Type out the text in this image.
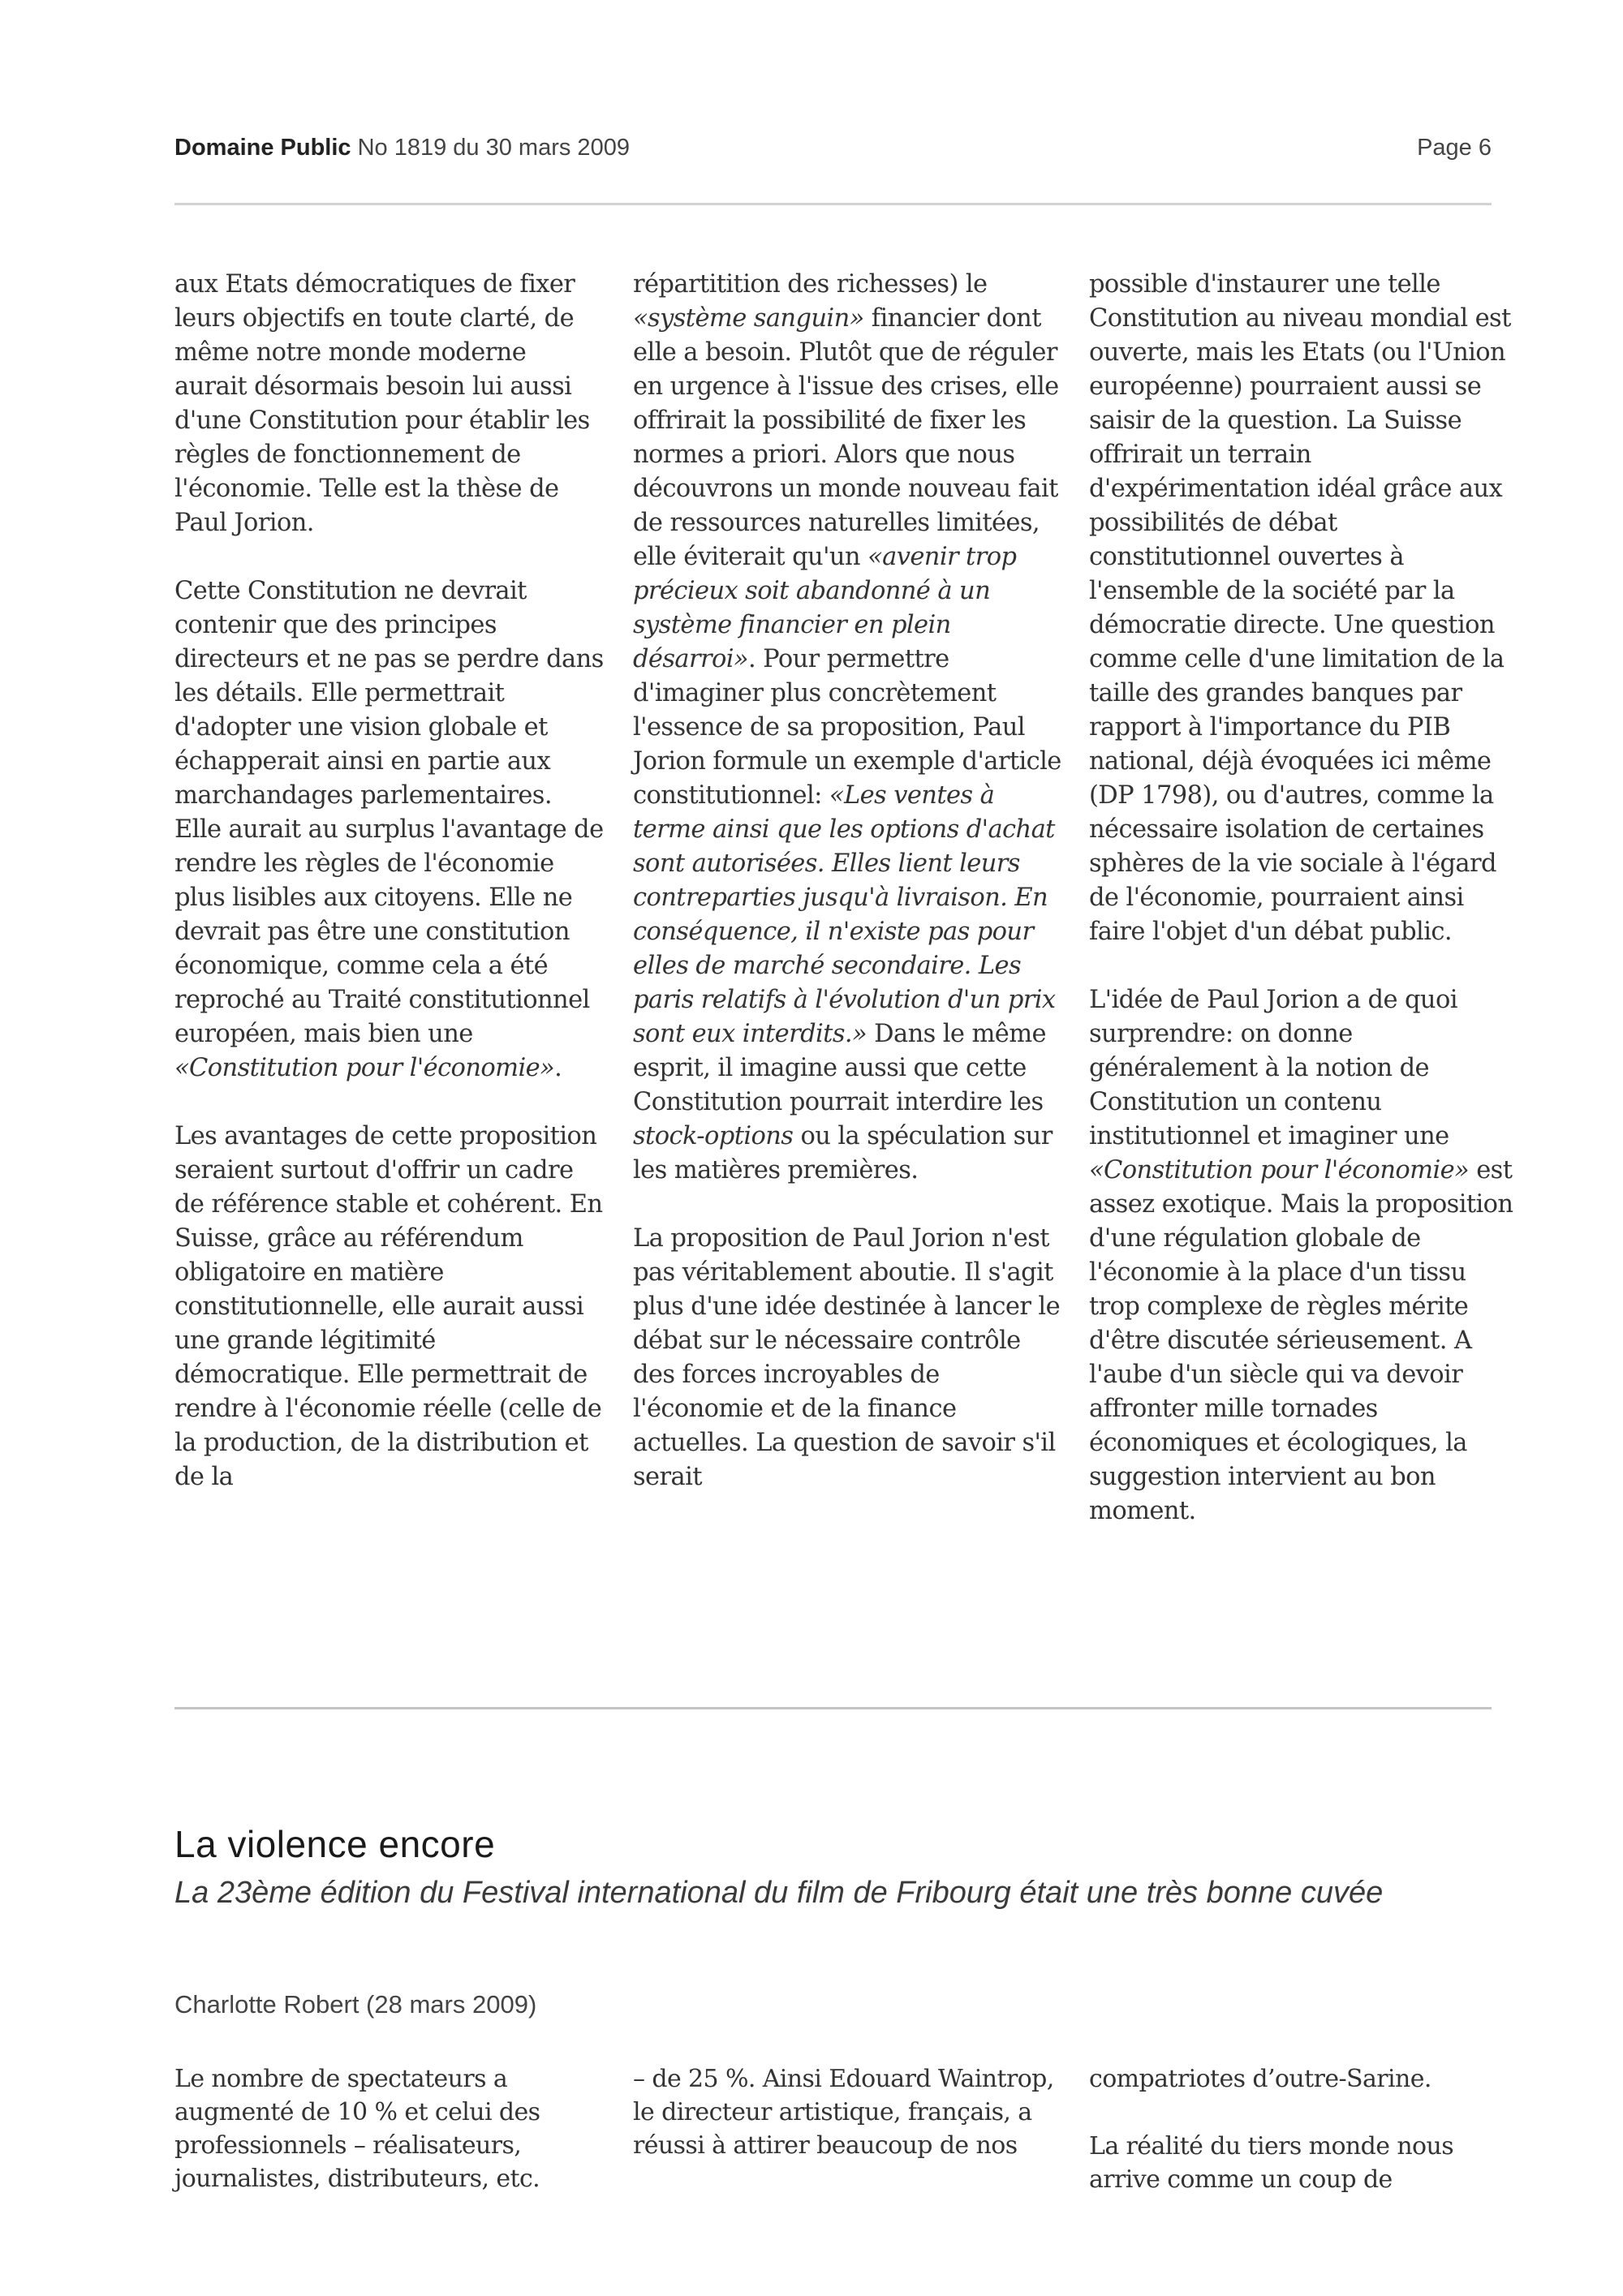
Domaine Public No 1819 du 30 mars 2009	Page 6

aux Etats démocratiques de fixer leurs objectifs en toute clarté, de même notre monde moderne aurait désormais besoin lui aussi d'une Constitution pour établir les règles de fonctionnement de l'économie. Telle est la thèse de Paul Jorion.

Cette Constitution ne devrait contenir que des principes directeurs et ne pas se perdre dans les détails. Elle permettrait d'adopter une vision globale et échapperait ainsi en partie aux marchandages parlementaires. Elle aurait au surplus l'avantage de rendre les règles de l'économie plus lisibles aux citoyens. Elle ne devrait pas être une constitution économique, comme cela a été reproché au Traité constitutionnel européen, mais bien une «Constitution pour l'économie».

Les avantages de cette proposition seraient surtout d'offrir un cadre de référence stable et cohérent. En Suisse, grâce au référendum obligatoire en matière constitutionnelle, elle aurait aussi une grande légitimité démocratique. Elle permettrait de rendre à l'économie réelle (celle de la production, de la distribution et de la

répartitition des richesses) le «système sanguin» financier dont elle a besoin. Plutôt que de réguler en urgence à l'issue des crises, elle offrirait la possibilité de fixer les normes a priori. Alors que nous découvrons un monde nouveau fait de ressources naturelles limitées, elle éviterait qu'un «avenir trop précieux soit abandonné à un système financier en plein désarroi». Pour permettre d'imaginer plus concrètement l'essence de sa proposition, Paul Jorion formule un exemple d'article constitutionnel: «Les ventes à terme ainsi que les options d'achat sont autorisées. Elles lient leurs contreparties jusqu'à livraison. En conséquence, il n'existe pas pour elles de marché secondaire. Les paris relatifs à l'évolution d'un prix sont eux interdits.» Dans le même esprit, il imagine aussi que cette Constitution pourrait interdire les stock-options ou la spéculation sur les matières premières.

La proposition de Paul Jorion n'est pas véritablement aboutie. Il s'agit plus d'une idée destinée à lancer le débat sur le nécessaire contrôle des forces incroyables de l'économie et de la finance actuelles. La question de savoir s'il serait

possible d'instaurer une telle Constitution au niveau mondial est ouverte, mais les Etats (ou l'Union européenne) pourraient aussi se saisir de la question. La Suisse offrirait un terrain d'expérimentation idéal grâce aux possibilités de débat constitutionnel ouvertes à l'ensemble de la société par la démocratie directe. Une question comme celle d'une limitation de la taille des grandes banques par rapport à l'importance du PIB national, déjà évoquées ici même (DP 1798), ou d'autres, comme la nécessaire isolation de certaines sphères de la vie sociale à l'égard de l'économie, pourraient ainsi faire l'objet d'un débat public.

L'idée de Paul Jorion a de quoi surprendre: on donne généralement à la notion de Constitution un contenu institutionnel et imaginer une «Constitution pour l'économie» est assez exotique. Mais la proposition d'une régulation globale de l'économie à la place d'un tissu trop complexe de règles mérite d'être discutée sérieusement. A l'aube d'un siècle qui va devoir affronter mille tornades économiques et écologiques, la suggestion intervient au bon moment.

La violence encore
La 23ème édition du Festival international du film de Fribourg était une très bonne cuvée
Charlotte Robert (28 mars 2009)

Le nombre de spectateurs a augmenté de 10 % et celui des professionnels – réalisateurs, journalistes, distributeurs, etc.

– de 25 %. Ainsi Edouard Waintrop, le directeur artistique, français, a réussi à attirer beaucoup de nos

compatriotes d’outre-Sarine.

La réalité du tiers monde nous arrive comme un coup de
